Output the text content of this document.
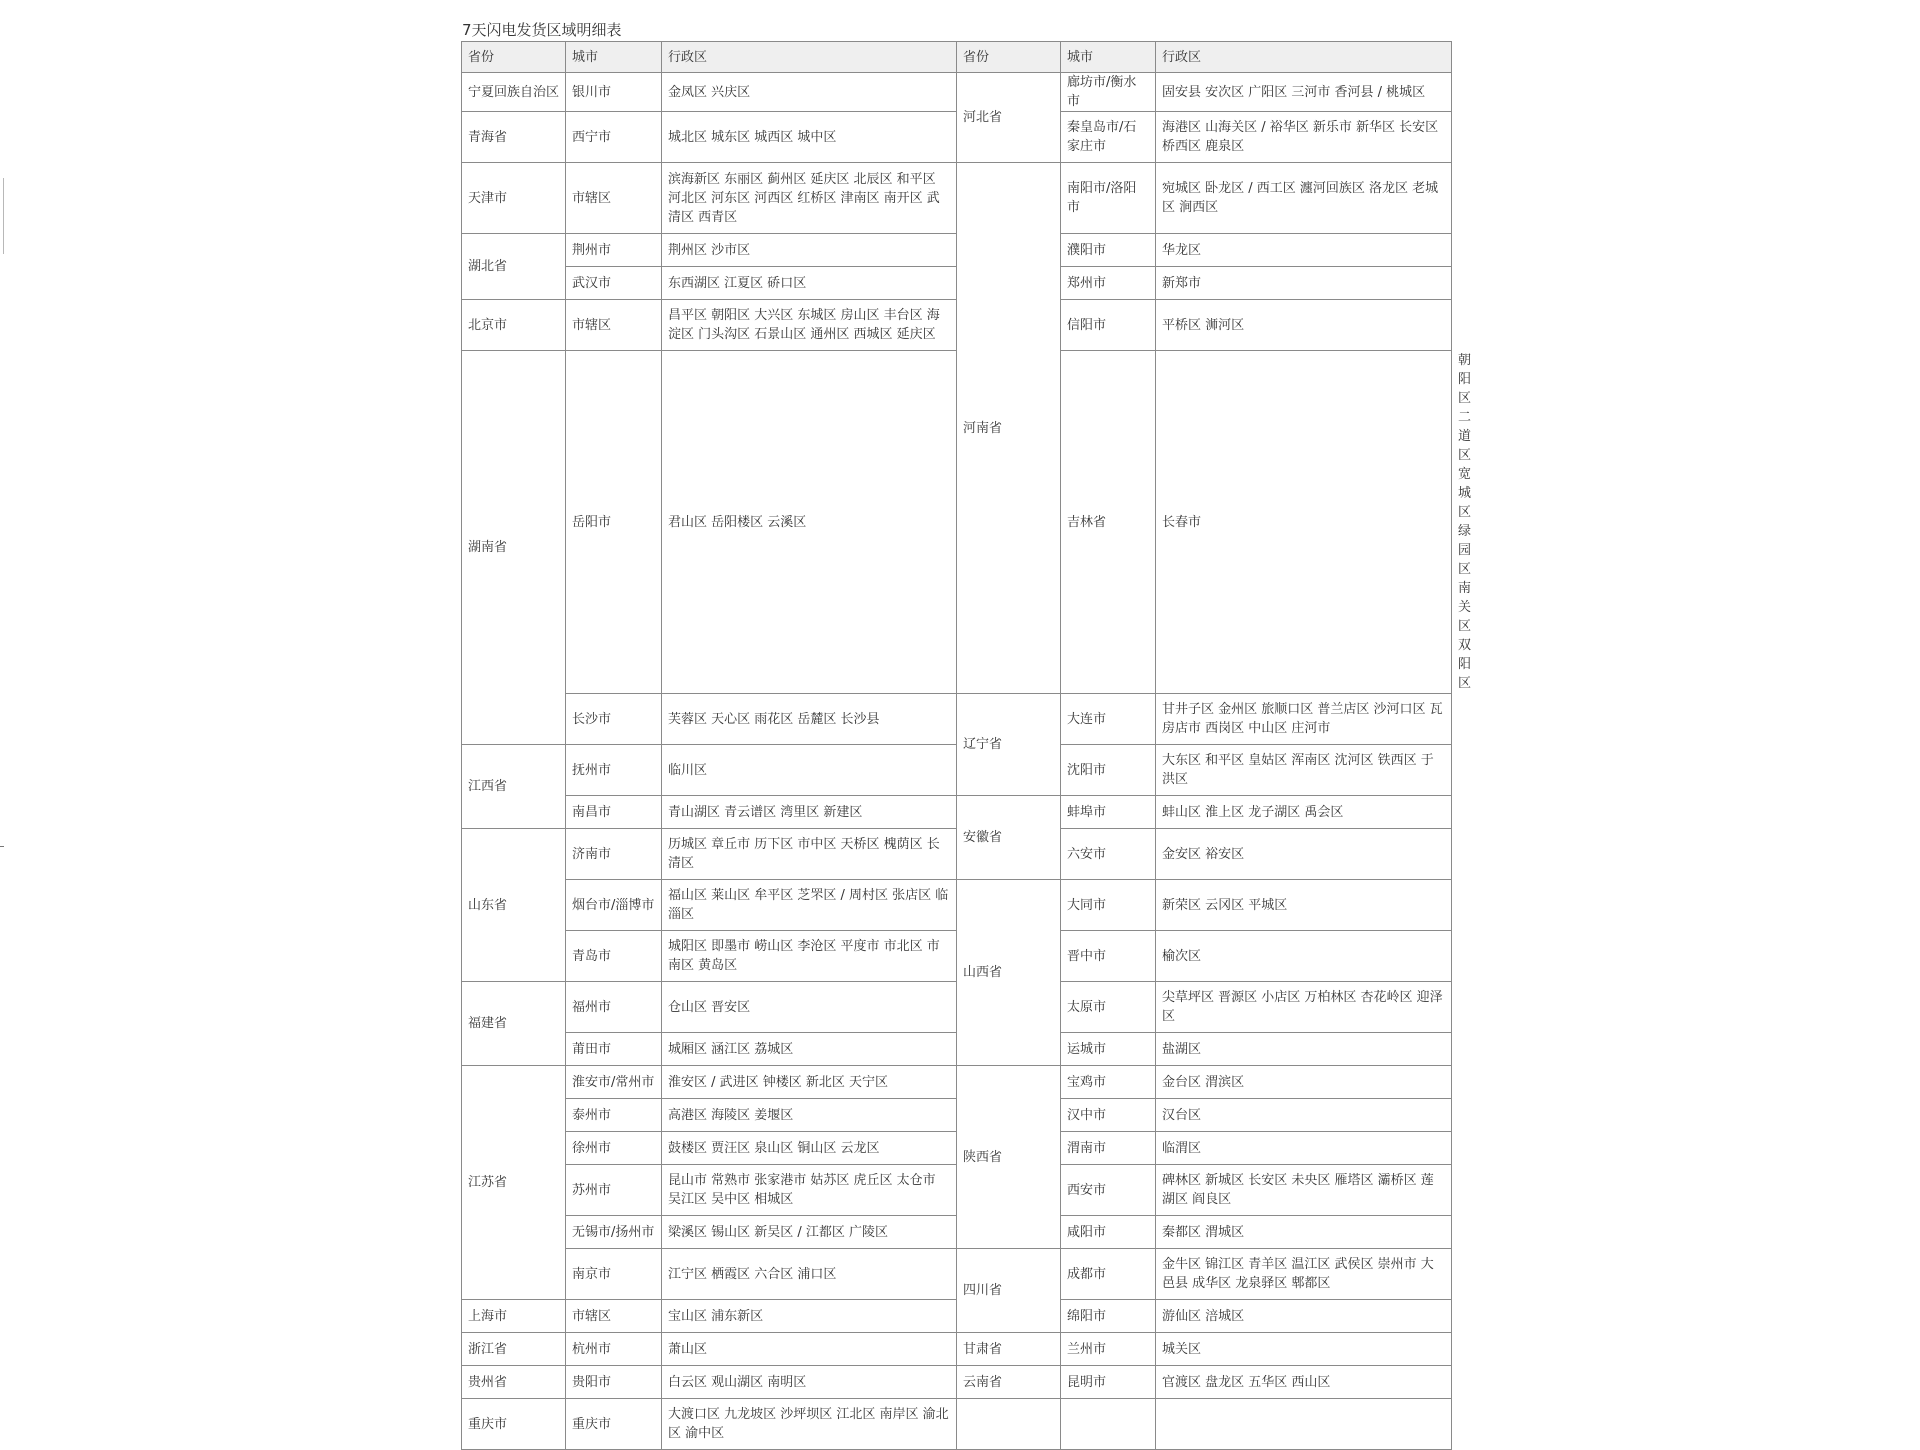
7天闪电发货区域明细表
省份	城市	行政区	省份	城市	行政区	
宁夏回族自治区	银川市	金凤区 兴庆区	河北省	廊坊市/衡水市	固安县 安次区 广阳区 三河市 香河县 / 桃城区	
青海省	西宁市	城北区 城东区 城西区 城中区		秦皇岛市/石家庄市	海港区 山海关区 / 裕华区 新乐市 新华区 长安区 桥西区 鹿泉区	
天津市	市辖区	滨海新区 东丽区 蓟州区 延庆区 北辰区 和平区 河北区 河东区 河西区 红桥区 津南区 南开区 武清区 西青区	河南省	南阳市/洛阳市	宛城区 卧龙区 / 西工区 瀍河回族区 洛龙区 老城区 涧西区	
湖北省	荆州市	荆州区 沙市区		濮阳市	华龙区	
	武汉市	东西湖区 江夏区 硚口区		郑州市	新郑市	
北京市	市辖区	昌平区 朝阳区 大兴区 东城区 房山区 丰台区 海淀区 门头沟区 石景山区 通州区 西城区 延庆区		信阳市	平桥区 浉河区	
湖南省	岳阳市	君山区 岳阳楼区 云溪区		吉林省	长春市	朝阳区 二道区 宽城区 绿园区 南关区 双阳区
	长沙市	芙蓉区 天心区 雨花区 岳麓区 长沙县	辽宁省	大连市	甘井子区 金州区 旅顺口区 普兰店区 沙河口区 瓦房店市 西岗区 中山区 庄河市	
江西省	抚州市	临川区		沈阳市	大东区 和平区 皇姑区 浑南区 沈河区 铁西区 于洪区	
	南昌市	青山湖区 青云谱区 湾里区 新建区	安徽省	蚌埠市	蚌山区 淮上区 龙子湖区 禹会区	
山东省	济南市	历城区 章丘市 历下区 市中区 天桥区 槐荫区 长清区		六安市	金安区 裕安区	
	烟台市/淄博市	福山区 莱山区 牟平区 芝罘区 / 周村区 张店区 临淄区	山西省	大同市	新荣区 云冈区 平城区	
	青岛市	城阳区 即墨市 崂山区 李沧区 平度市 市北区 市南区 黄岛区		晋中市	榆次区	
福建省	福州市	仓山区 晋安区		太原市	尖草坪区 晋源区 小店区 万柏林区 杏花岭区 迎泽区	
	莆田市	城厢区 涵江区 荔城区		运城市	盐湖区	
江苏省	淮安市/常州市	淮安区 / 武进区 钟楼区 新北区 天宁区	陕西省	宝鸡市	金台区 渭滨区	
	泰州市	高港区 海陵区 姜堰区		汉中市	汉台区	
	徐州市	鼓楼区 贾汪区 泉山区 铜山区 云龙区		渭南市	临渭区	
	苏州市	昆山市 常熟市 张家港市 姑苏区 虎丘区 太仓市 吴江区 吴中区 相城区		西安市	碑林区 新城区 长安区 未央区 雁塔区 灞桥区 莲湖区 阎良区	
	无锡市/扬州市	梁溪区 锡山区 新吴区 / 江都区 广陵区		咸阳市	秦都区 渭城区	
	南京市	江宁区 栖霞区 六合区 浦口区	四川省	成都市	金牛区 锦江区 青羊区 温江区 武侯区 崇州市 大邑县 成华区 龙泉驿区 郫都区	
上海市	市辖区	宝山区 浦东新区		绵阳市	游仙区 涪城区	
浙江省	杭州市	萧山区	甘肃省	兰州市	城关区	
贵州省	贵阳市	白云区 观山湖区 南明区	云南省	昆明市	官渡区 盘龙区 五华区 西山区	
重庆市	重庆市	大渡口区 九龙坡区 沙坪坝区 江北区 南岸区 渝北区 渝中区				
